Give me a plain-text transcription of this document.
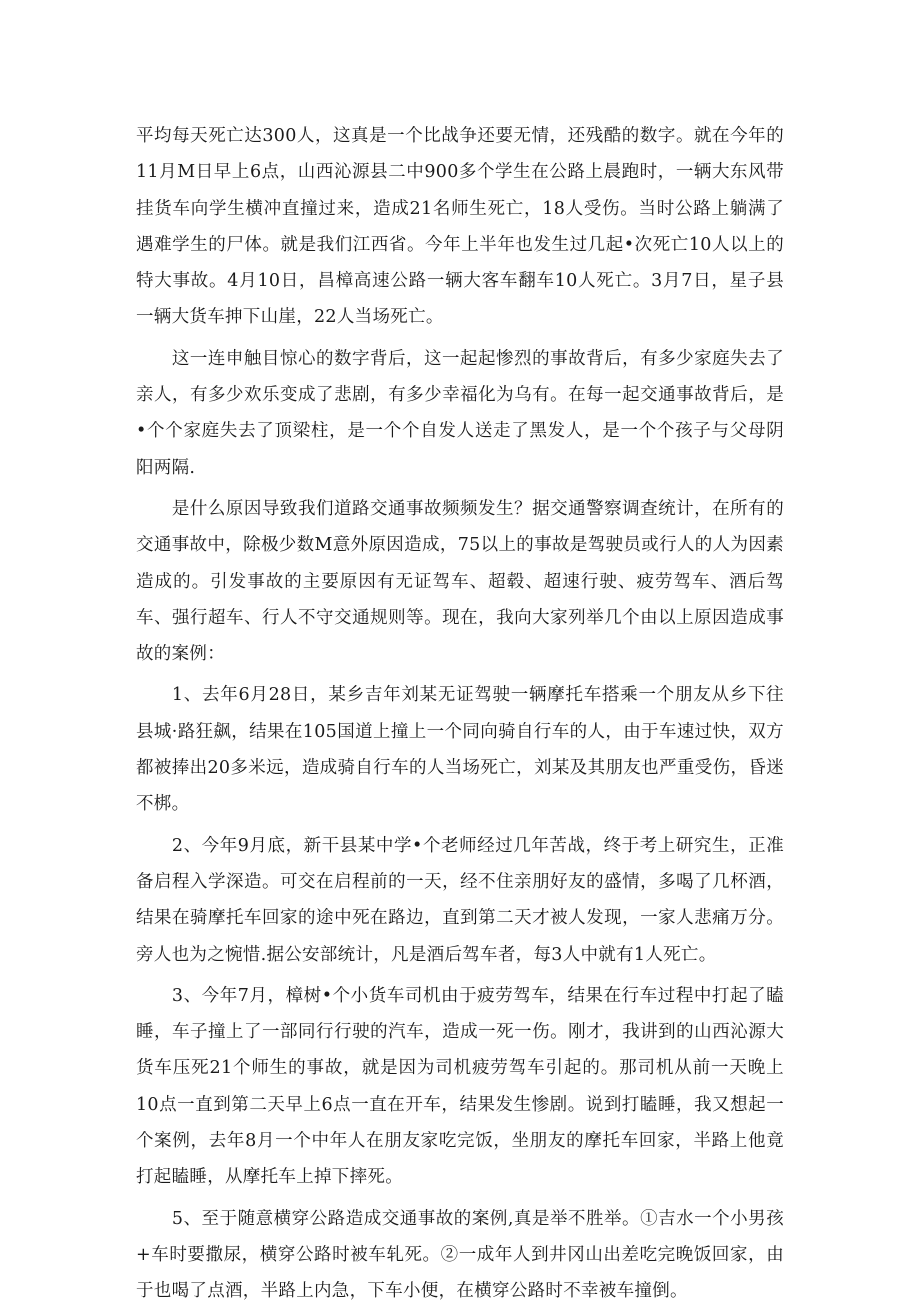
平均每天死亡达300人，这真是一个比战争还要无情，还残酷的数字。就在今年的11月M日早上6点，山西沁源县二中900多个学生在公路上晨跑时，一辆大东风带挂货车向学生横冲直撞过来，造成21名师生死亡，18人受伤。当时公路上躺满了遇难学生的尸体。就是我们江西省。今年上半年也发生过几起•次死亡10人以上的特大事故。4月10日，昌樟高速公路一辆大客车翻车10人死亡。3月7日，星子县一辆大货车抻下山崖，22人当场死亡。

这一连申触目惊心的数字背后，这一起起惨烈的事故背后，有多少家庭失去了亲人，有多少欢乐变成了悲剧，有多少幸福化为乌有。在每一起交通事故背后，是•个个家庭失去了顶梁柱，是一个个自发人送走了黑发人，是一个个孩子与父母阴阳两隔.

是什么原因导致我们道路交通事故频频发生？据交通警察调查统计，在所有的交通事故中，除极少数M意外原因造成，75以上的事故是驾驶员或行人的人为因素造成的。引发事故的主要原因有无证驾车、超毂、超速行驶、疲劳驾车、酒后驾车、强行超车、行人不守交通规则等。现在，我向大家列举几个由以上原因造成事故的案例：

1、去年6月28日，某乡吉年刘某无证驾驶一辆摩托车搭乘一个朋友从乡下往县城·路狂飙，结果在105国道上撞上一个同向骑自行车的人，由于车速过快，双方都被捧出20多米远，造成骑自行车的人当场死亡，刘某及其朋友也严重受伤，昏迷不梆。

2、今年9月底，新干县某中学•个老师经过几年苦战，终于考上研究生，正准备启程入学深造。可交在启程前的一天，经不住亲朋好友的盛情，多喝了几杯酒，结果在骑摩托车回家的途中死在路边，直到第二天才被人发现，一家人悲痛万分。旁人也为之惋惜.据公安部统计，凡是酒后驾车者，每3人中就有1人死亡。

3、今年7月，樟树•个小货车司机由于疲劳驾车，结果在行车过程中打起了瞌睡，车子撞上了一部同行行驶的汽车，造成一死一伤。刚才，我讲到的山西沁源大货车压死21个师生的事故，就是因为司机疲劳驾车引起的。那司机从前一天晚上10点一直到第二天早上6点一直在开车，结果发生惨剧。说到打瞌睡，我又想起一个案例，去年8月一个中年人在朋友家吃完饭，坐朋友的摩托车回家，半路上他竟打起瞌睡，从摩托车上掉下摔死。

5、至于随意横穿公路造成交通事故的案例,真是举不胜举。①吉水一个小男孩+车时要撒尿，横穿公路时被车轧死。②一成年人到井冈山出差吃完晚饭回家，由于也喝了点酒，半路上内急，下车小便，在横穿公路时不幸被车撞倒。
